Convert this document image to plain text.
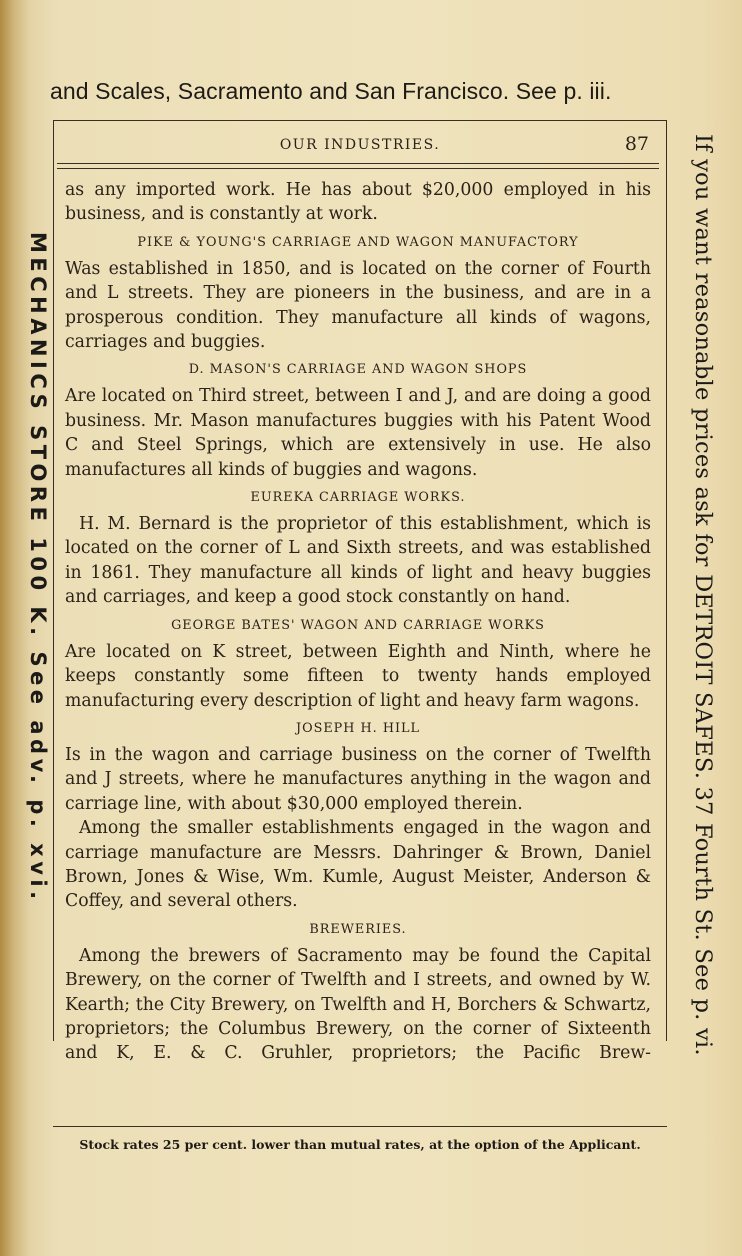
and Scales, Sacramento and San Francisco. See p. iii.
OUR INDUSTRIES.	87

as any imported work. He has about $20,000 employed in his business, and is constantly at work.

PIKE & YOUNG'S CARRIAGE AND WAGON MANUFACTORY

Was established in 1850, and is located on the corner of Fourth and L streets. They are pioneers in the business, and are in a prosperous condition. They manufacture all kinds of wagons, carriages and buggies.

D. MASON'S CARRIAGE AND WAGON SHOPS

Are located on Third street, between I and J, and are doing a good business. Mr. Mason manufactures buggies with his Patent Wood C and Steel Springs, which are extensively in use. He also manufactures all kinds of buggies and wagons.

EUREKA CARRIAGE WORKS.

H. M. Bernard is the proprietor of this establishment, which is located on the corner of L and Sixth streets, and was established in 1861. They manufacture all kinds of light and heavy buggies and carriages, and keep a good stock constantly on hand.

GEORGE BATES' WAGON AND CARRIAGE WORKS

Are located on K street, between Eighth and Ninth, where he keeps constantly some fifteen to twenty hands employed manufacturing every description of light and heavy farm wagons.

JOSEPH H. HILL

Is in the wagon and carriage business on the corner of Twelfth and J streets, where he manufactures anything in the wagon and carriage line, with about $30,000 employed therein.

Among the smaller establishments engaged in the wagon and carriage manufacture are Messrs. Dahringer & Brown, Daniel Brown, Jones & Wise, Wm. Kumle, August Meister, Anderson & Coffey, and several others.

BREWERIES.

Among the brewers of Sacramento may be found the Capital Brewery, on the corner of Twelfth and I streets, and owned by W. Kearth; the City Brewery, on Twelfth and H, Borchers & Schwartz, proprietors; the Columbus Brewery, on the corner of Sixteenth and K, E. & C. Gruhler, proprietors; the Pacific Brew-

MECHANICS STORE 100 K. See adv. p. xvi.	If you want reasonable prices ask for DETROIT SAFES. 37 Fourth St. See p. vi.
Stock rates 25 per cent. lower than mutual rates, at the option of the Applicant.
